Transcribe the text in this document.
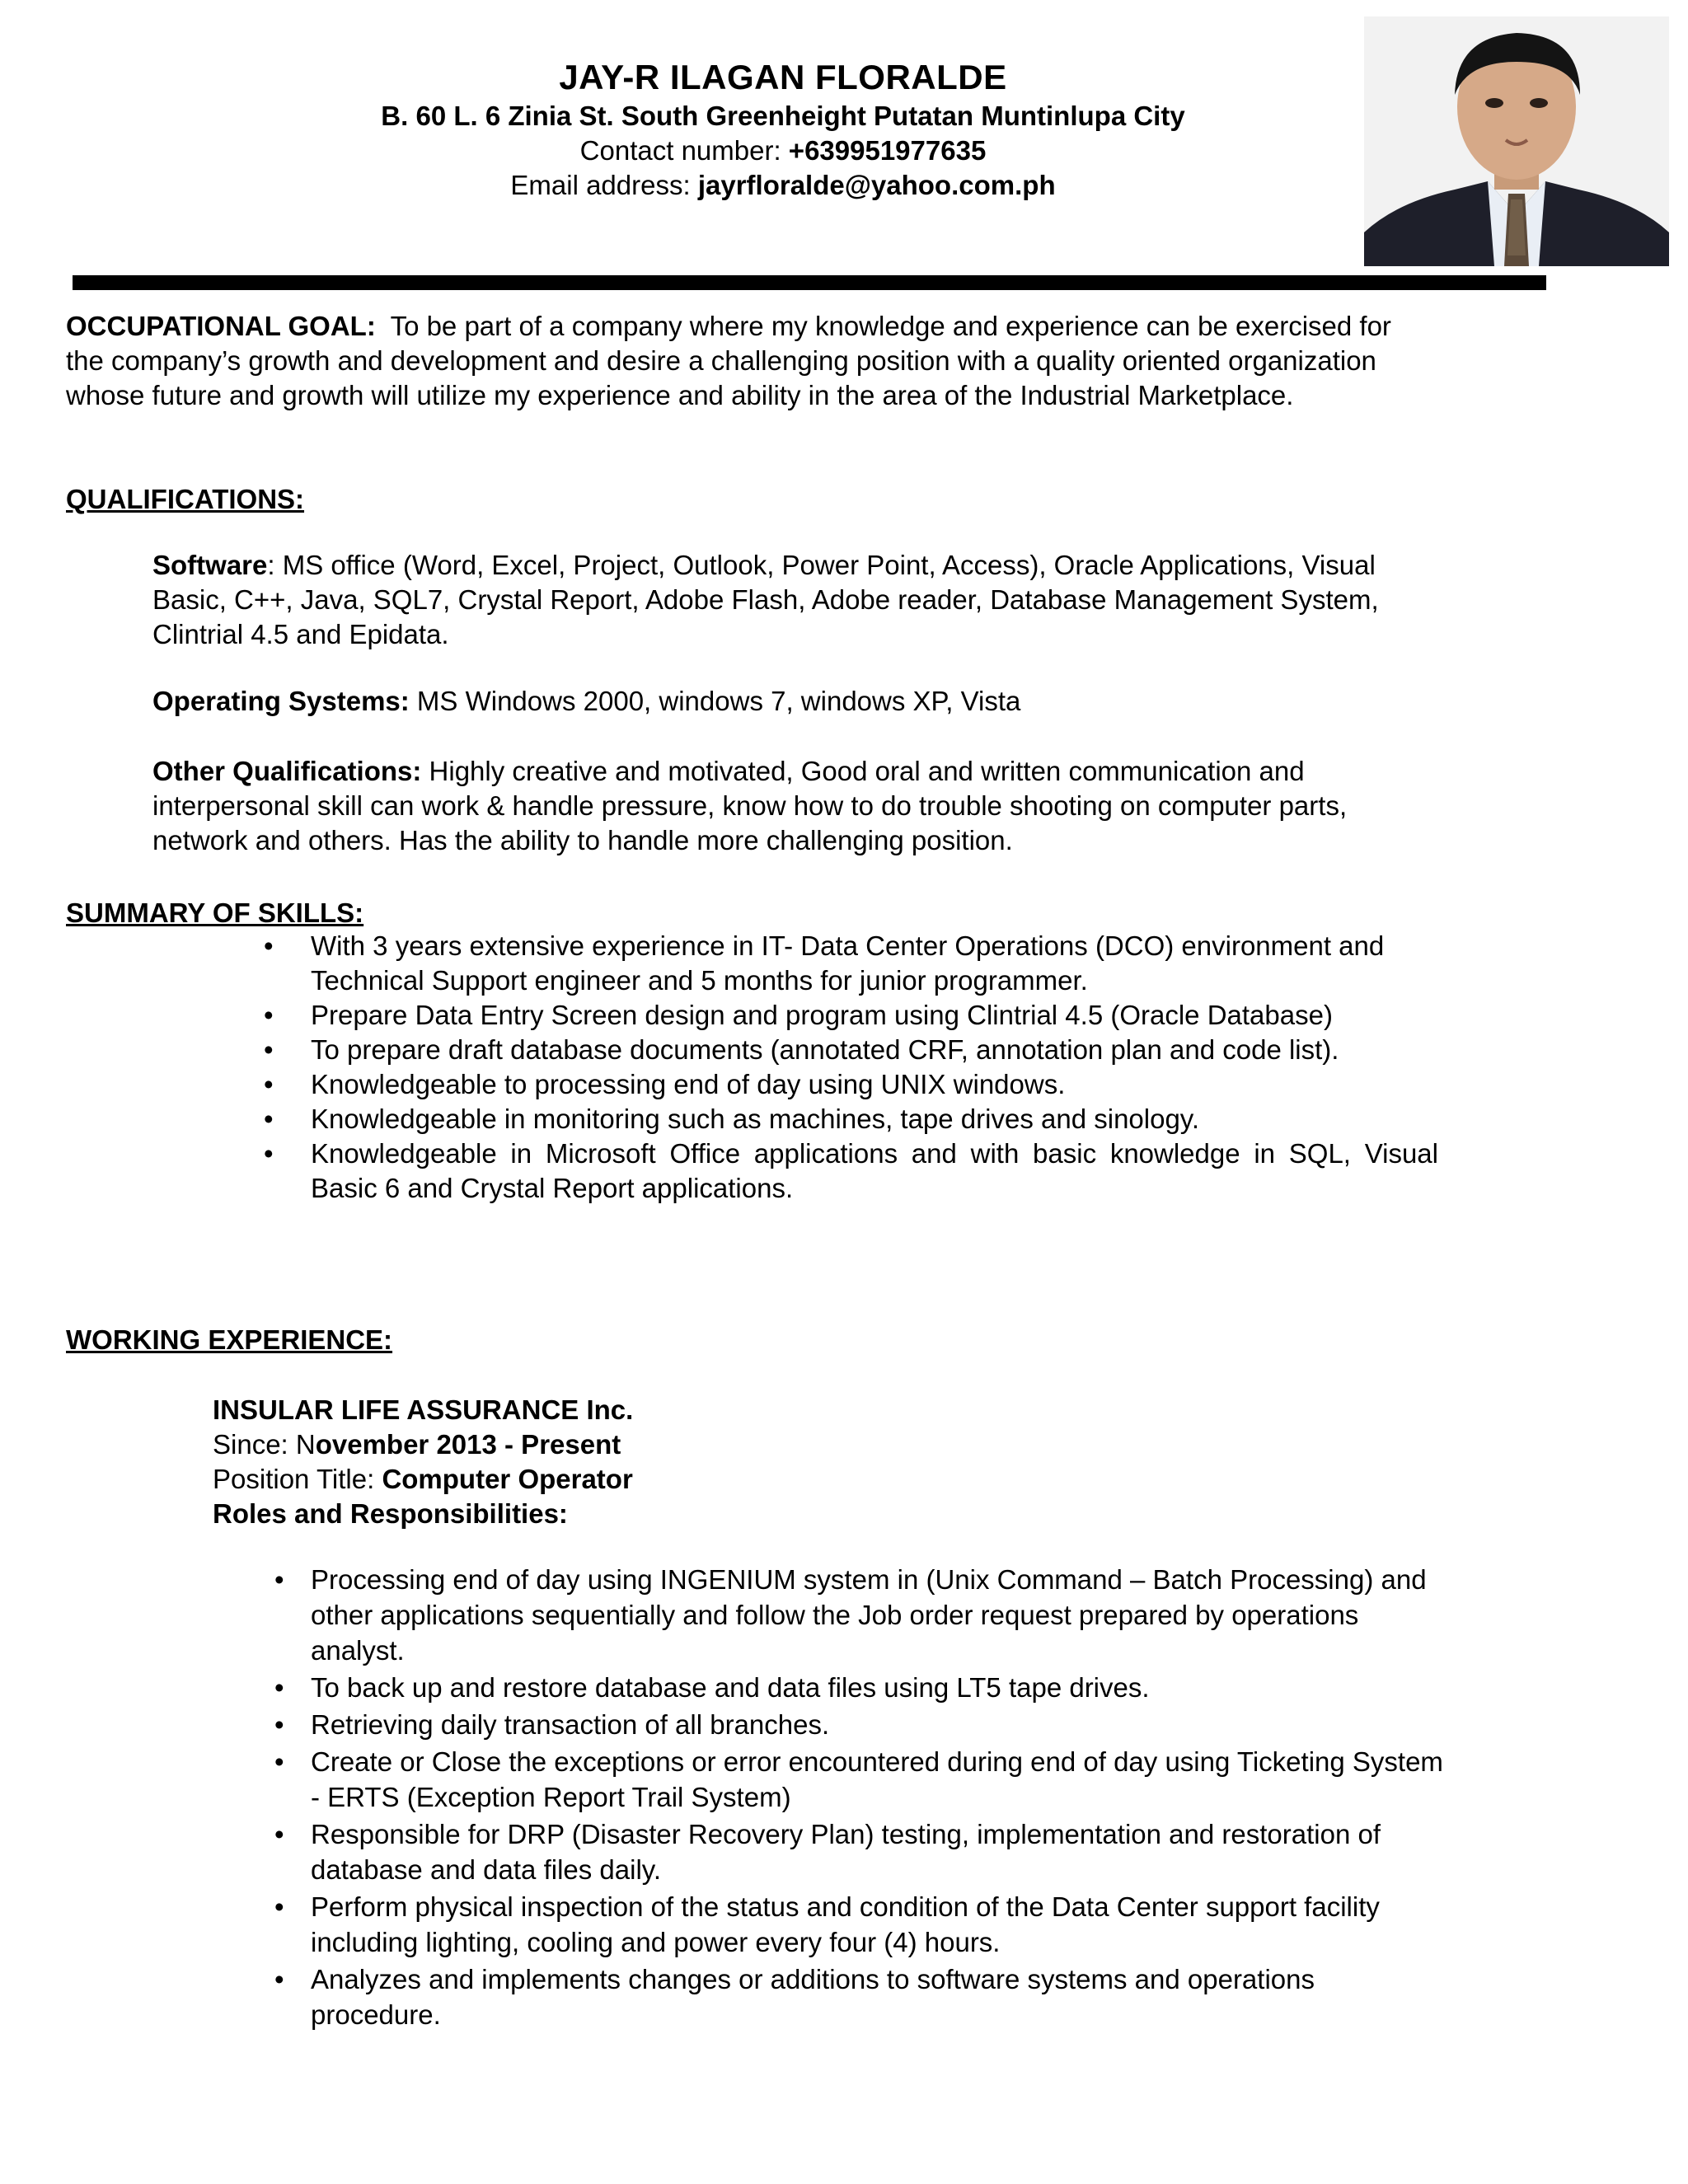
JAY-R ILAGAN FLORALDE
B. 60 L. 6 Zinia St. South Greenheight Putatan Muntinlupa City
Contact number: +639951977635
Email address: jayrfloralde@yahoo.com.ph
OCCUPATIONAL GOAL: To be part of a company where my knowledge and experience can be exercised for the company’s growth and development and desire a challenging position with a quality oriented organization whose future and growth will utilize my experience and ability in the area of the Industrial Marketplace.
QUALIFICATIONS:
Software: MS office (Word, Excel, Project, Outlook, Power Point, Access), Oracle Applications, Visual Basic, C++, Java, SQL7, Crystal Report, Adobe Flash, Adobe reader, Database Management System, Clintrial 4.5 and Epidata.
Operating Systems: MS Windows 2000, windows 7, windows XP, Vista
Other Qualifications: Highly creative and motivated, Good oral and written communication and interpersonal skill can work & handle pressure, know how to do trouble shooting on computer parts, network and others. Has the ability to handle more challenging position.
SUMMARY OF SKILLS:
•	With 3 years extensive experience in IT- Data Center Operations (DCO) environment and Technical Support engineer and 5 months for junior programmer.
•	Prepare Data Entry Screen design and program using Clintrial 4.5 (Oracle Database)
•	To prepare draft database documents (annotated CRF, annotation plan and code list).
•	Knowledgeable to processing end of day using UNIX windows.
•	Knowledgeable in monitoring such as machines, tape drives and sinology.
•	Knowledgeable in Microsoft Office applications and with basic knowledge in SQL, Visual Basic 6 and Crystal Report applications.
WORKING EXPERIENCE:
INSULAR LIFE ASSURANCE Inc.
Since: November 2013 - Present
Position Title: Computer Operator
Roles and Responsibilities:
• Processing end of day using INGENIUM system in (Unix Command – Batch Processing) and other applications sequentially and follow the Job order request prepared by operations analyst.
• To back up and restore database and data files using LT5 tape drives.
• Retrieving daily transaction of all branches.
• Create or Close the exceptions or error encountered during end of day using Ticketing System - ERTS (Exception Report Trail System)
• Responsible for DRP (Disaster Recovery Plan) testing, implementation and restoration of database and data files daily.
• Perform physical inspection of the status and condition of the Data Center support facility including lighting, cooling and power every four (4) hours.
• Analyzes and implements changes or additions to software systems and operations procedure.
